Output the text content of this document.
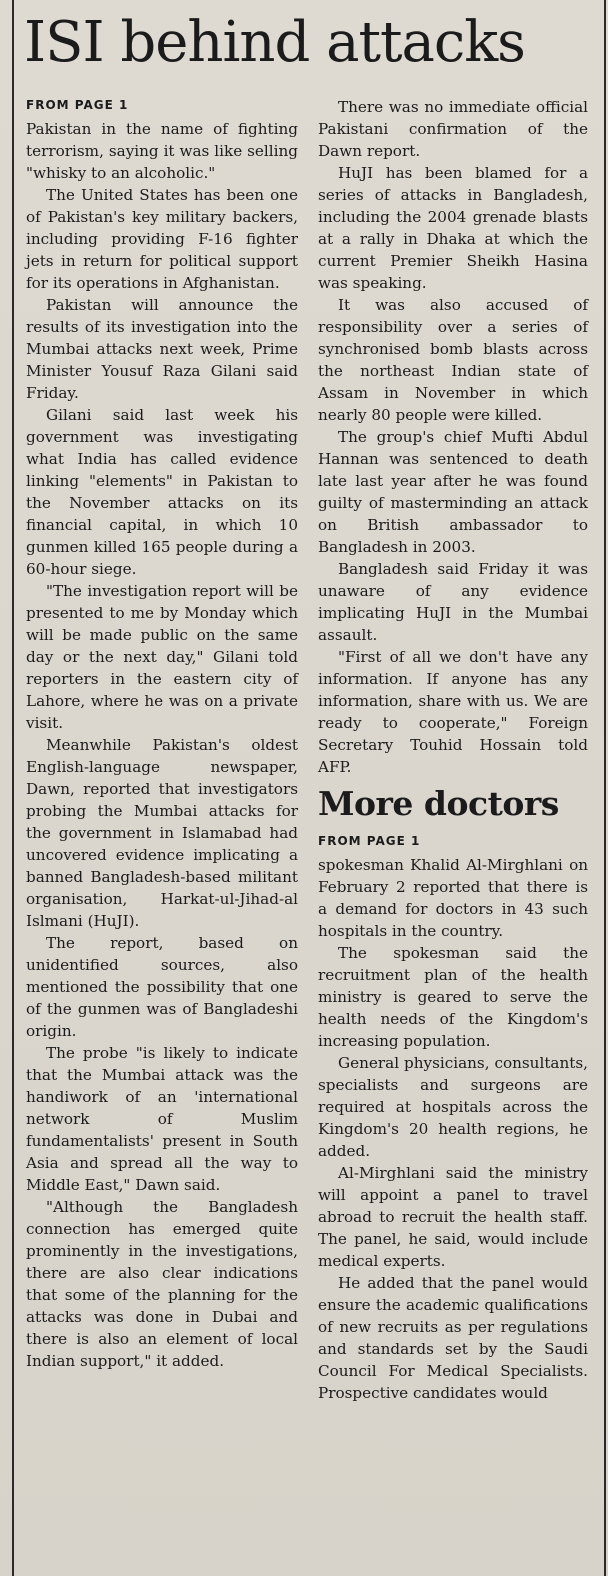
ISI behind attacks
FROM PAGE 1

Pakistan in the name of fighting terrorism, saying it was like selling "whisky to an alcoholic."

The United States has been one of Pakistan's key military backers, including providing F-16 fighter jets in return for political support for its operations in Afghanistan.

Pakistan will announce the results of its investigation into the Mumbai attacks next week, Prime Minister Yousuf Raza Gilani said Friday.

Gilani said last week his government was investigating what India has called evidence linking "elements" in Pakistan to the November attacks on its financial capital, in which 10 gunmen killed 165 people during a 60-hour siege.

"The investigation report will be presented to me by Monday which will be made public on the same day or the next day," Gilani told reporters in the eastern city of Lahore, where he was on a private visit.

Meanwhile Pakistan's oldest English-language newspaper, Dawn, reported that investigators probing the Mumbai attacks for the government in Islamabad had uncovered evidence implicating a banned Bangladesh-based militant organisation, Harkat-ul-Jihad-al Islmani (HuJI).

The report, based on unidentified sources, also mentioned the possibility that one of the gunmen was of Bangladeshi origin.

The probe "is likely to indicate that the Mumbai attack was the handiwork of an 'international network of Muslim fundamentalists' present in South Asia and spread all the way to Middle East," Dawn said.

"Although the Bangladesh connection has emerged quite prominently in the investigations, there are also clear indications that some of the planning for the attacks was done in Dubai and there is also an element of local Indian support," it added.

There was no immediate official Pakistani confirmation of the Dawn report.

HuJI has been blamed for a series of attacks in Bangladesh, including the 2004 grenade blasts at a rally in Dhaka at which the current Premier Sheikh Hasina was speaking.

It was also accused of responsibility over a series of synchronised bomb blasts across the northeast Indian state of Assam in November in which nearly 80 people were killed.

The group's chief Mufti Abdul Hannan was sentenced to death late last year after he was found guilty of masterminding an attack on British ambassador to Bangladesh in 2003.

Bangladesh said Friday it was unaware of any evidence implicating HuJI in the Mumbai assault.

"First of all we don't have any information. If anyone has any information, share with us. We are ready to cooperate," Foreign Secretary Touhid Hossain told AFP.

More doctors
FROM PAGE 1

spokesman Khalid Al-Mirghlani on February 2 reported that there is a demand for doctors in 43 such hospitals in the country.

The spokesman said the recruitment plan of the health ministry is geared to serve the health needs of the Kingdom's increasing population.

General physicians, consultants, specialists and surgeons are required at hospitals across the Kingdom's 20 health regions, he added.

Al-Mirghlani said the ministry will appoint a panel to travel abroad to recruit the health staff. The panel, he said, would include medical experts.

He added that the panel would ensure the academic qualifications of new recruits as per regulations and standards set by the Saudi Council For Medical Specialists. Prospective candidates would
